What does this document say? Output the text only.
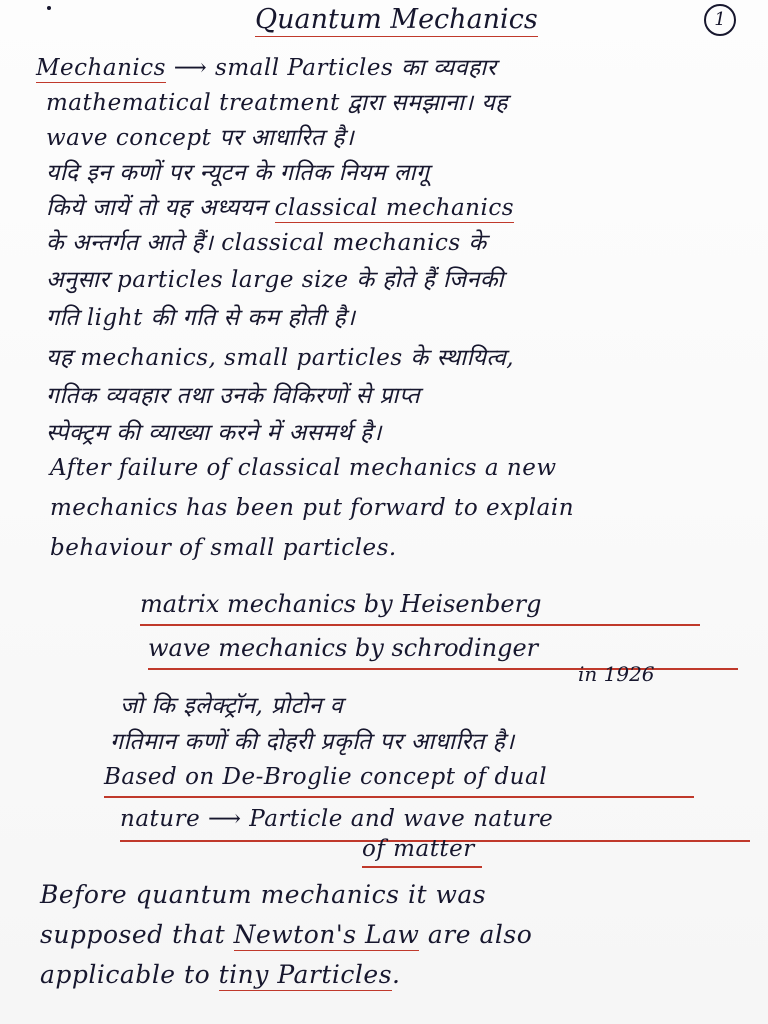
Quantum Mechanics	1
Mechanics ⟶ small Particles का व्यवहार
mathematical treatment द्वारा समझाना। यह
wave concept पर आधारित है।
यदि इन कणों पर न्यूटन के गतिक नियम लागू
किये जायें तो यह अध्ययन classical mechanics
के अन्तर्गत आते हैं। classical mechanics के
अनुसार particles large size के होते हैं जिनकी
गति light की गति से कम होती है।
यह mechanics, small particles के स्थायित्व,
गतिक व्यवहार तथा उनके विकिरणों से प्राप्त
स्पेक्ट्रम की व्याख्या करने में असमर्थ है।
After failure of classical mechanics a new
mechanics has been put forward to explain
behaviour of small particles.
matrix mechanics by Heisenberg
wave mechanics by schrodinger
in 1926
जो कि इलेक्ट्रॉन, प्रोटोन व
गतिमान कणों की दोहरी प्रकृति पर आधारित है।
Based on De-Broglie concept of dual
nature ⟶ Particle and wave nature
of matter
Before quantum mechanics it was
supposed that Newton's Law are also
applicable to tiny Particles.
